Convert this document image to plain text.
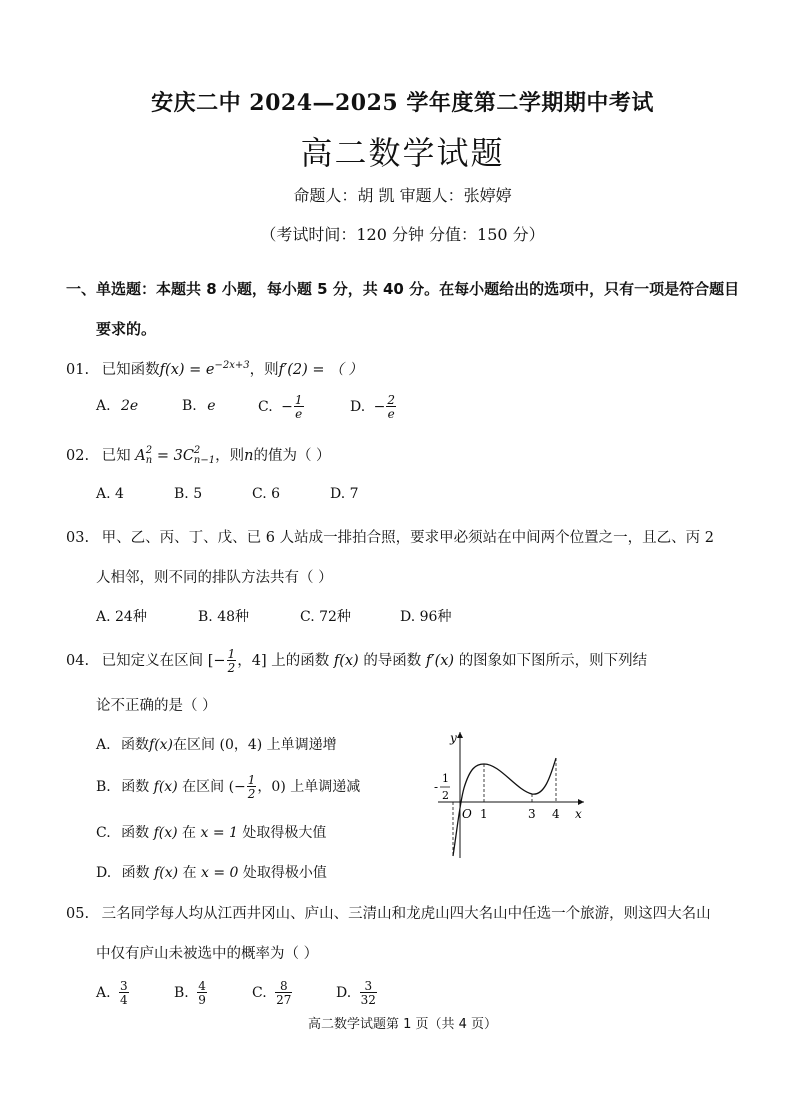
安庆二中 2024—2025 学年度第二学期期中考试
高二数学试题
命题人：胡 凯 审题人：张婷婷
（考试时间：120 分钟 分值：150 分）
一、单选题：本题共 8 小题，每小题 5 分，共 40 分。在每小题给出的选项中，只有一项是符合题目
要求的。
01. 已知函数$f(x) = e^{-2x+3}$，则f′(2) = （ ）
A. 2e	B. e	C. − $\frac{1}{e}$	D. − $\frac{2}{e}$
02. 已知 A 2
n = 3C 2
n−1 ，则n的值为（ ）
A. 4	B. 5	C. 6	D. 7
03. 甲、乙、丙、丁、戊、已 6 人站成一排拍合照，要求甲必须站在中间两个位置之一，且乙、丙 2
人相邻，则不同的排队方法共有（ ）
A. 24种	B. 48种	C. 72种	D. 96种
04. 已知定义在区间 [− $\frac{1}{2}$ ，4] 上的函数 f(x) 的导函数 f′(x) 的图象如下图所示，则下列结
论不正确的是（ ）
A. 函数f(x)在区间 (0，4) 上单调递增
B. 函数 f(x) 在区间 (− $\frac{1}{2}$ ，0) 上单调递减
C. 函数 f(x) 在 x = 1 处取得极大值
D. 函数 f(x) 在 x = 0 处取得极小值
y
x
O
-
1
2
1	3 4
05. 三名同学每人均从江西井冈山、庐山、三清山和龙虎山四大名山中任选一个旅游，则这四大名山
中仅有庐山未被选中的概率为（ ）
A. $\frac{3}{4}$	B. $\frac{4}{9}$	C. $\frac{8}{27}$	D. $\frac{3}{32}$
高二数学试题第 1 页（共 4 页）
